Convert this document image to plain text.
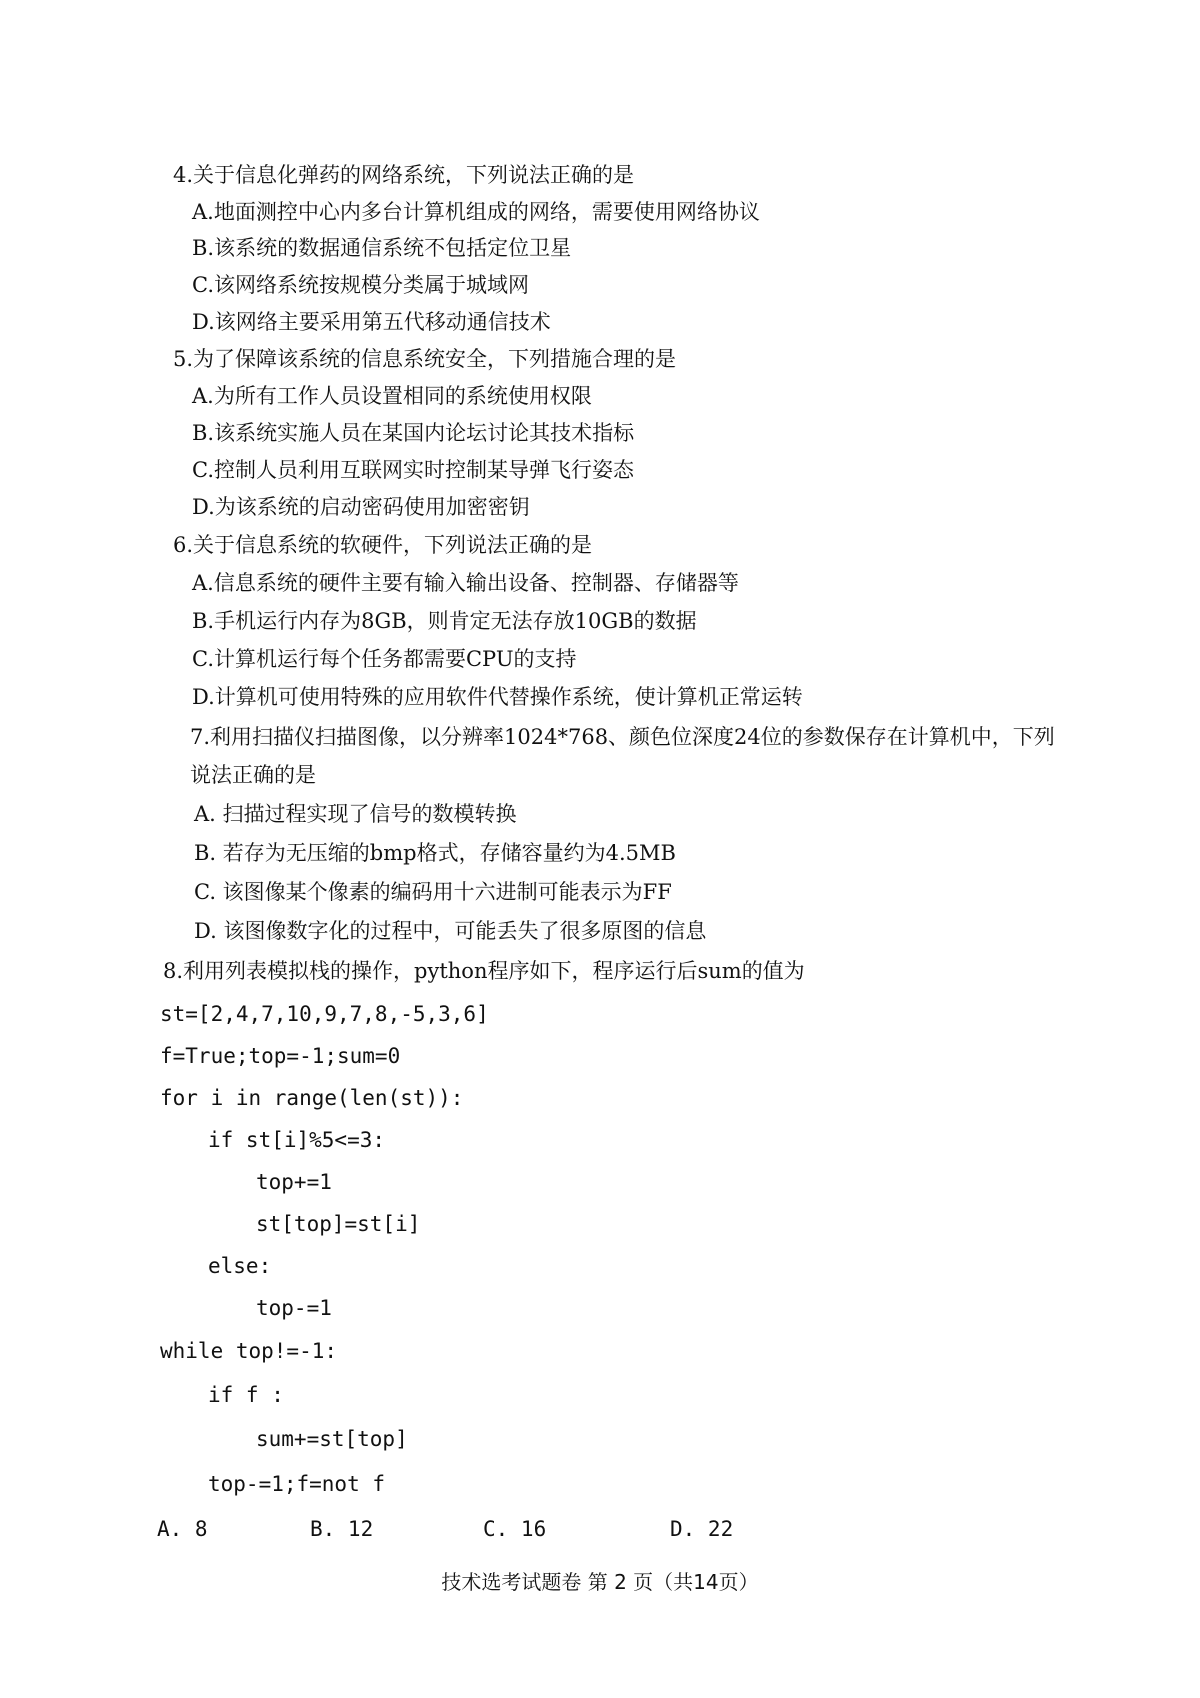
4.关于信息化弹药的网络系统，下列说法正确的是
A.地面测控中心内多台计算机组成的网络，需要使用网络协议
B.该系统的数据通信系统不包括定位卫星
C.该网络系统按规模分类属于城域网
D.该网络主要采用第五代移动通信技术
5.为了保障该系统的信息系统安全，下列措施合理的是
A.为所有工作人员设置相同的系统使用权限
B.该系统实施人员在某国内论坛讨论其技术指标
C.控制人员利用互联网实时控制某导弹飞行姿态
D.为该系统的启动密码使用加密密钥
6.关于信息系统的软硬件，下列说法正确的是
A.信息系统的硬件主要有输入输出设备、控制器、存储器等
B.手机运行内存为8GB，则肯定无法存放10GB的数据
C.计算机运行每个任务都需要CPU的支持
D.计算机可使用特殊的应用软件代替操作系统，使计算机正常运转
7.利用扫描仪扫描图像，以分辨率1024*768、颜色位深度24位的参数保存在计算机中，下列
说法正确的是
A. 扫描过程实现了信号的数模转换
B. 若存为无压缩的bmp格式，存储容量约为4.5MB
C. 该图像某个像素的编码用十六进制可能表示为FF
D. 该图像数字化的过程中，可能丢失了很多原图的信息
8.利用列表模拟栈的操作，python程序如下，程序运行后sum的值为
st=[2,4,7,10,9,7,8,-5,3,6]
f=True;top=-1;sum=0
for i in range(len(st)):
if st[i]%5<=3:
top+=1
st[top]=st[i]
else:
top-=1
while top!=-1:
if f :
sum+=st[top]
top-=1;f=not f
A. 8	B. 12	C. 16	D. 22
技术选考试题卷 第 2 页（共14页）
